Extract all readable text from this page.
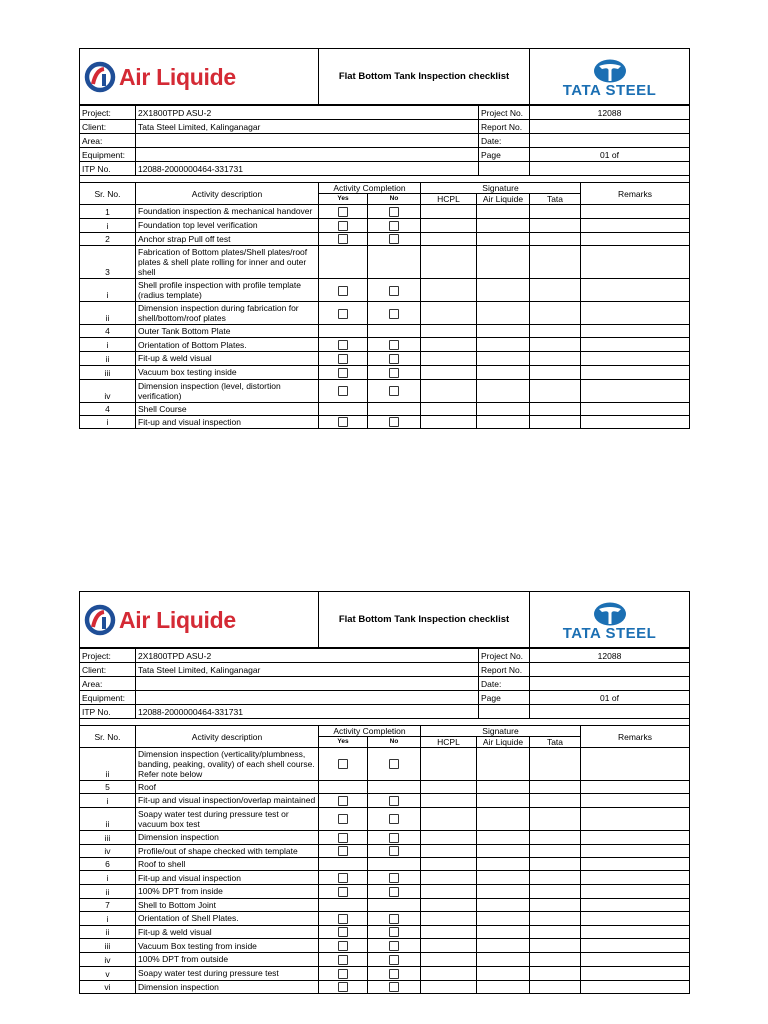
Air Liquide	Flat Bottom Tank Inspection checklist	
TATA STEEL
Project:	2X1800TPD ASU-2	Project No.	12088
Client:	Tata Steel Limited, Kalinganagar	Report No.	
Area:		Date:	
Equipment:		Page	01 of
ITP No.	12088-2000000464-331731		

Sr. No.	Activity description	Activity Completion		Signature			Remarks
		Yes	No	HCPL	Air Liquide	Tata	
1	Foundation inspection & mechanical handover						
i	Foundation top level verification						
2	Anchor strap Pull off test						
3	Fabrication of Bottom plates/Shell plates/roof plates & shell plate rolling for inner and outer shell						
i	Shell profile inspection with profile template (radius template)						
ii	Dimension inspection during fabrication for shell/bottom/roof plates						
4	Outer Tank Bottom Plate						
i	Orientation of Bottom Plates.						
ii	Fit-up & weld visual						
iii	Vacuum box testing inside						
iv	Dimension inspection (level, distortion verification)						
4	Shell Course						
i	Fit-up and visual inspection						
Air Liquide	Flat Bottom Tank Inspection checklist	
TATA STEEL
Project:	2X1800TPD ASU-2	Project No.	12088
Client:	Tata Steel Limited, Kalinganagar	Report No.	
Area:		Date:	
Equipment:		Page	01 of
ITP No.	12088-2000000464-331731		

Sr. No.	Activity description	Activity Completion		Signature			Remarks
		Yes	No	HCPL	Air Liquide	Tata	
ii	Dimension inspection (verticality/plumbness, banding, peaking, ovality) of each shell course. Refer note below						
5	Roof						
i	Fit-up and visual inspection/overlap maintained						
ii	Soapy water test during pressure test or vacuum box test						
iii	Dimension inspection						
iv	Profile/out of shape checked with template						
6	Roof to shell						
i	Fit-up and visual inspection						
ii	100% DPT from inside						
7	Shell to Bottom Joint						
i	Orientation of Shell Plates.						
ii	Fit-up & weld visual						
iii	Vacuum Box testing from inside						
iv	100% DPT from outside						
v	Soapy water test during pressure test						
vi	Dimension inspection						
